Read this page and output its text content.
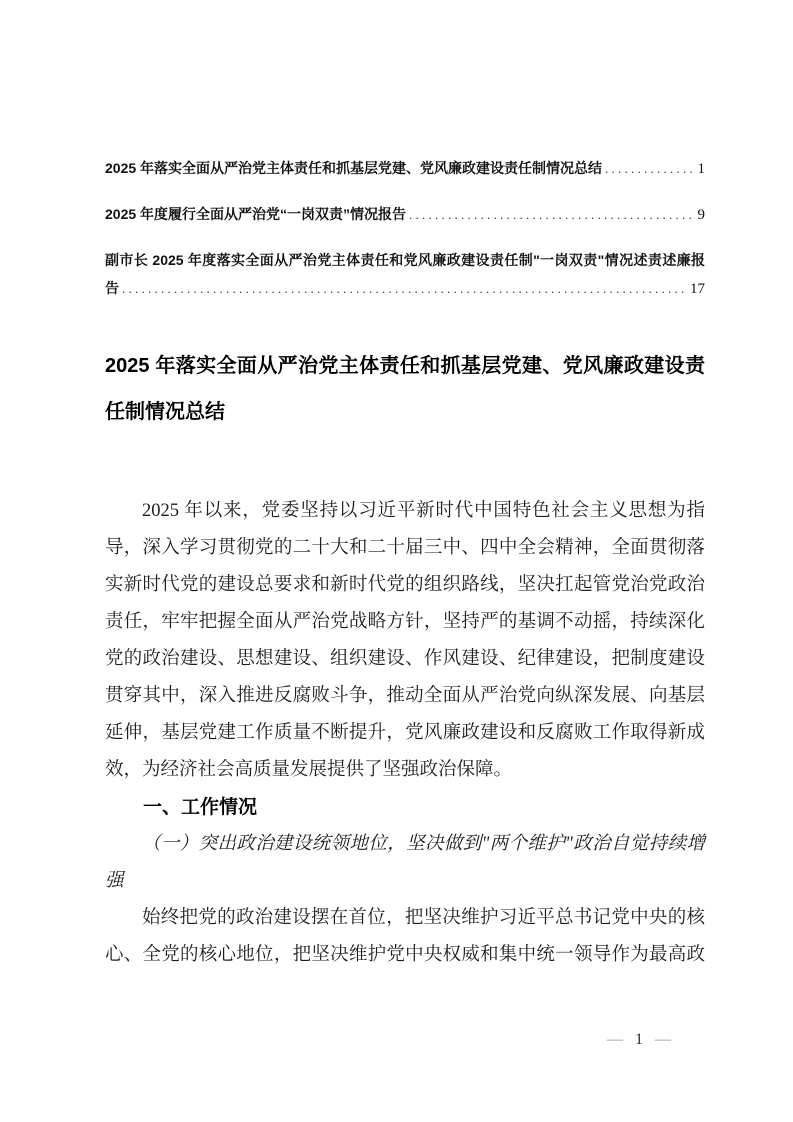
2025 年落实全面从严治党主体责任和抓基层党建、党风廉政建设责任制情况总结 . . .	1
2025 年度履行全面从严治党“一岗双责”情况报告 . . .	9
副市长 2025 年度落实全面从严治党主体责任和党风廉政建设责任制"一岗双责"情况述责述廉报
告 . . .	17
2025 年落实全面从严治党主体责任和抓基层党建、党风廉政建设责
任制情况总结
2025 年以来，党委坚持以习近平新时代中国特色社会主义思想为指
导，深入学习贯彻党的二十大和二十届三中、四中全会精神，全面贯彻落
实新时代党的建设总要求和新时代党的组织路线，坚决扛起管党治党政治
责任，牢牢把握全面从严治党战略方针，坚持严的基调不动摇，持续深化
党的政治建设、思想建设、组织建设、作风建设、纪律建设，把制度建设
贯穿其中，深入推进反腐败斗争，推动全面从严治党向纵深发展、向基层
延伸，基层党建工作质量不断提升，党风廉政建设和反腐败工作取得新成
效，为经济社会高质量发展提供了坚强政治保障。
一、工作情况
（一）突出政治建设统领地位，坚决做到"两个维护"政治自觉持续增
强
始终把党的政治建设摆在首位，把坚决维护习近平总书记党中央的核
心、全党的核心地位，把坚决维护党中央权威和集中统一领导作为最高政
— 1 —
